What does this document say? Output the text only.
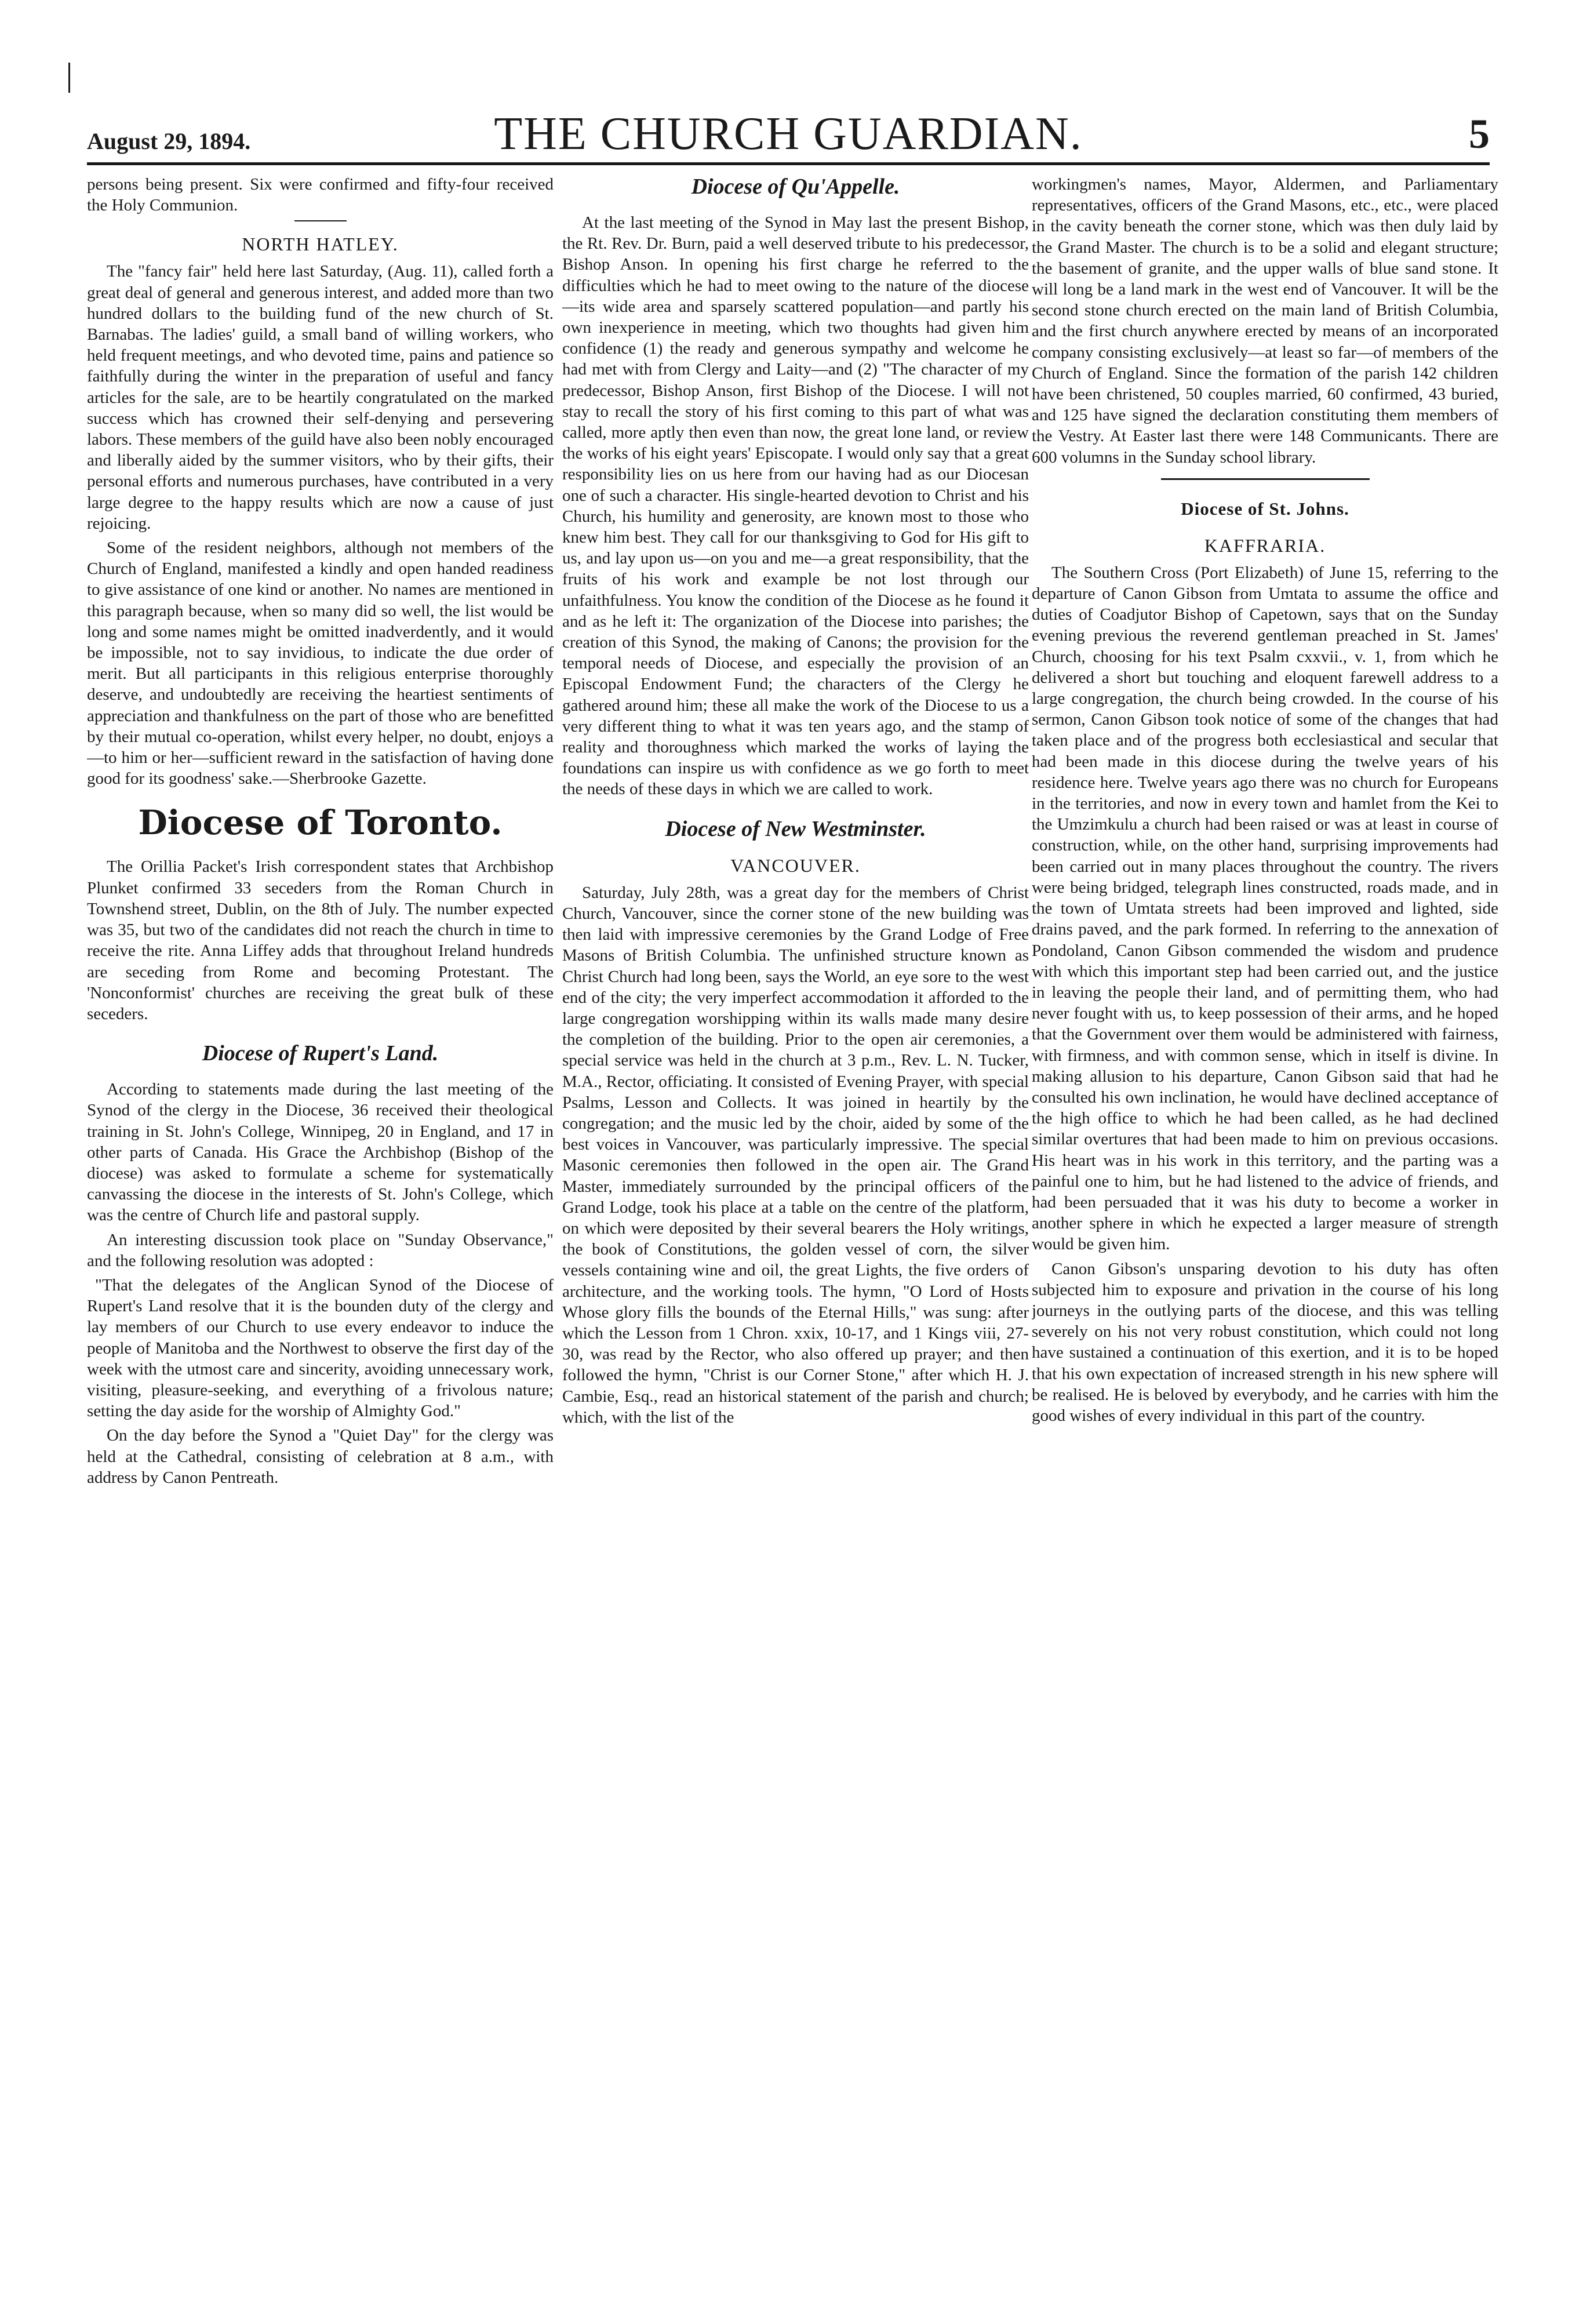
August 29, 1894.	THE CHURCH GUARDIAN.	5

persons being present. Six were confirmed and fifty-four received the Holy Communion.

NORTH HATLEY.

The "fancy fair" held here last Saturday, (Aug. 11), called forth a great deal of general and generous interest, and added more than two hundred dollars to the building fund of the new church of St. Barnabas. The ladies' guild, a small band of willing workers, who held frequent meetings, and who devoted time, pains and patience so faithfully during the winter in the preparation of useful and fancy articles for the sale, are to be heartily congratulated on the marked success which has crowned their self-denying and persevering labors. These members of the guild have also been nobly encouraged and liberally aided by the summer visitors, who by their gifts, their personal efforts and numerous purchases, have contributed in a very large degree to the happy results which are now a cause of just rejoicing.

Some of the resident neighbors, although not members of the Church of England, manifested a kindly and open handed readiness to give assistance of one kind or another. No names are mentioned in this paragraph because, when so many did so well, the list would be long and some names might be omitted inadverdently, and it would be impossible, not to say invidious, to indicate the due order of merit. But all participants in this religious enterprise thoroughly deserve, and undoubtedly are receiving the heartiest sentiments of appreciation and thankfulness on the part of those who are benefitted by their mutual co-operation, whilst every helper, no doubt, enjoys a—to him or her—sufficient reward in the satisfaction of having done good for its goodness' sake.—Sherbrooke Gazette.

Diocese of Toronto.

The Orillia Packet's Irish correspondent states that Archbishop Plunket confirmed 33 seceders from the Roman Church in Townshend street, Dublin, on the 8th of July. The number expected was 35, but two of the candidates did not reach the church in time to receive the rite. Anna Liffey adds that throughout Ireland hundreds are seceding from Rome and becoming Protestant. The 'Nonconformist' churches are receiving the great bulk of these seceders.

Diocese of Rupert's Land.

According to statements made during the last meeting of the Synod of the clergy in the Diocese, 36 received their theological training in St. John's College, Winnipeg, 20 in England, and 17 in other parts of Canada. His Grace the Archbishop (Bishop of the diocese) was asked to formulate a scheme for systematically canvassing the diocese in the interests of St. John's College, which was the centre of Church life and pastoral supply.

An interesting discussion took place on "Sunday Observance," and the following resolution was adopted :

"That the delegates of the Anglican Synod of the Diocese of Rupert's Land resolve that it is the bounden duty of the clergy and lay members of our Church to use every endeavor to induce the people of Manitoba and the Northwest to observe the first day of the week with the utmost care and sincerity, avoiding unnecessary work, visiting, pleasure-seeking, and everything of a frivolous nature; setting the day aside for the worship of Almighty God."

On the day before the Synod a "Quiet Day" for the clergy was held at the Cathedral, consisting of celebration at 8 a.m., with address by Canon Pentreath.

Diocese of Qu'Appelle.

At the last meeting of the Synod in May last the present Bishop, the Rt. Rev. Dr. Burn, paid a well deserved tribute to his predecessor, Bishop Anson. In opening his first charge he referred to the difficulties which he had to meet owing to the nature of the diocese—its wide area and sparsely scattered population—and partly his own inexperience in meeting, which two thoughts had given him confidence (1) the ready and generous sympathy and welcome he had met with from Clergy and Laity—and (2) "The character of my predecessor, Bishop Anson, first Bishop of the Diocese. I will not stay to recall the story of his first coming to this part of what was called, more aptly then even than now, the great lone land, or review the works of his eight years' Episcopate. I would only say that a great responsibility lies on us here from our having had as our Diocesan one of such a character. His single-hearted devotion to Christ and his Church, his humility and generosity, are known most to those who knew him best. They call for our thanksgiving to God for His gift to us, and lay upon us—on you and me—a great responsibility, that the fruits of his work and example be not lost through our unfaithfulness. You know the condition of the Diocese as he found it and as he left it: The organization of the Diocese into parishes; the creation of this Synod, the making of Canons; the provision for the temporal needs of Diocese, and especially the provision of an Episcopal Endowment Fund; the characters of the Clergy he gathered around him; these all make the work of the Diocese to us a very different thing to what it was ten years ago, and the stamp of reality and thoroughness which marked the works of laying the foundations can inspire us with confidence as we go forth to meet the needs of these days in which we are called to work.

Diocese of New Westminster.
VANCOUVER.

Saturday, July 28th, was a great day for the members of Christ Church, Vancouver, since the corner stone of the new building was then laid with impressive ceremonies by the Grand Lodge of Free Masons of British Columbia. The unfinished structure known as Christ Church had long been, says the World, an eye sore to the west end of the city; the very imperfect accommodation it afforded to the large congregation worshipping within its walls made many desire the completion of the building. Prior to the open air ceremonies, a special service was held in the church at 3 p.m., Rev. L. N. Tucker, M.A., Rector, officiating. It consisted of Evening Prayer, with special Psalms, Lesson and Collects. It was joined in heartily by the congregation; and the music led by the choir, aided by some of the best voices in Vancouver, was particularly impressive. The special Masonic ceremonies then followed in the open air. The Grand Master, immediately surrounded by the principal officers of the Grand Lodge, took his place at a table on the centre of the platform, on which were deposited by their several bearers the Holy writings, the book of Constitutions, the golden vessel of corn, the silver vessels containing wine and oil, the great Lights, the five orders of architecture, and the working tools. The hymn, "O Lord of Hosts Whose glory fills the bounds of the Eternal Hills," was sung: after which the Lesson from 1 Chron. xxix, 10-17, and 1 Kings viii, 27-30, was read by the Rector, who also offered up prayer; and then followed the hymn, "Christ is our Corner Stone," after which H. J. Cambie, Esq., read an historical statement of the parish and church; which, with the list of the

workingmen's names, Mayor, Aldermen, and Parliamentary representatives, officers of the Grand Masons, etc., etc., were placed in the cavity beneath the corner stone, which was then duly laid by the Grand Master. The church is to be a solid and elegant structure; the basement of granite, and the upper walls of blue sand stone. It will long be a land mark in the west end of Vancouver. It will be the second stone church erected on the main land of British Columbia, and the first church anywhere erected by means of an incorporated company consisting exclusively—at least so far—of members of the Church of England. Since the formation of the parish 142 children have been christened, 50 couples married, 60 confirmed, 43 buried, and 125 have signed the declaration constituting them members of the Vestry. At Easter last there were 148 Communicants. There are 600 volumns in the Sunday school library.

Diocese of St. Johns.
KAFFRARIA.

The Southern Cross (Port Elizabeth) of June 15, referring to the departure of Canon Gibson from Umtata to assume the office and duties of Coadjutor Bishop of Capetown, says that on the Sunday evening previous the reverend gentleman preached in St. James' Church, choosing for his text Psalm cxxvii., v. 1, from which he delivered a short but touching and eloquent farewell address to a large congregation, the church being crowded. In the course of his sermon, Canon Gibson took notice of some of the changes that had taken place and of the progress both ecclesiastical and secular that had been made in this diocese during the twelve years of his residence here. Twelve years ago there was no church for Europeans in the territories, and now in every town and hamlet from the Kei to the Umzimkulu a church had been raised or was at least in course of construction, while, on the other hand, surprising improvements had been carried out in many places throughout the country. The rivers were being bridged, telegraph lines constructed, roads made, and in the town of Umtata streets had been improved and lighted, side drains paved, and the park formed. In referring to the annexation of Pondoland, Canon Gibson commended the wisdom and prudence with which this important step had been carried out, and the justice in leaving the people their land, and of permitting them, who had never fought with us, to keep possession of their arms, and he hoped that the Government over them would be administered with fairness, with firmness, and with common sense, which in itself is divine. In making allusion to his departure, Canon Gibson said that had he consulted his own inclination, he would have declined acceptance of the high office to which he had been called, as he had declined similar overtures that had been made to him on previous occasions. His heart was in his work in this territory, and the parting was a painful one to him, but he had listened to the advice of friends, and had been persuaded that it was his duty to become a worker in another sphere in which he expected a larger measure of strength would be given him.

Canon Gibson's unsparing devotion to his duty has often subjected him to exposure and privation in the course of his long journeys in the outlying parts of the diocese, and this was telling severely on his not very robust constitution, which could not long have sustained a continuation of this exertion, and it is to be hoped that his own expectation of increased strength in his new sphere will be realised. He is beloved by everybody, and he carries with him the good wishes of every individual in this part of the country.
